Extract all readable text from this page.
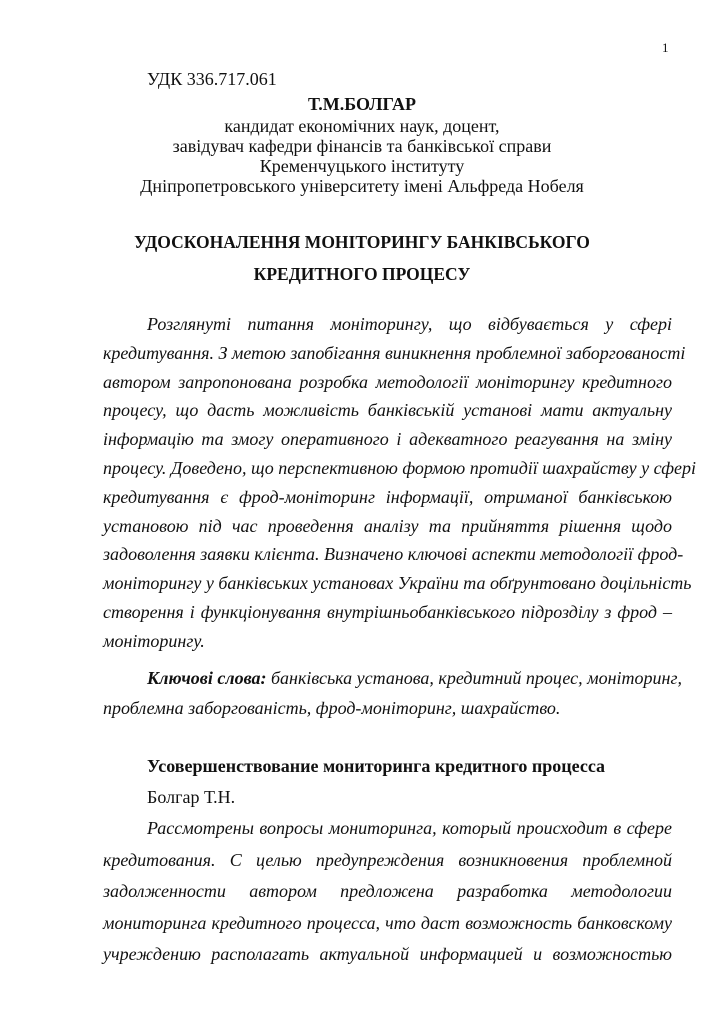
1
УДК 336.717.061
Т.М.БОЛГАР
кандидат економічних наук, доцент,
завідувач кафедри фінансів та банківської справи
Кременчуцького інституту
Дніпропетровського університету імені Альфреда Нобеля
УДОСКОНАЛЕННЯ МОНІТОРИНГУ БАНКІВСЬКОГО
КРЕДИТНОГО ПРОЦЕСУ
Розглянуті питання моніторингу, що відбувається у сфері
кредитування. З метою запобігання виникнення проблемної заборгованості
автором запропонована розробка методології моніторингу кредитного
процесу, що дасть можливість банківській установі мати актуальну
інформацію та змогу оперативного і адекватного реагування на зміну
процесу. Доведено, що перспективною формою протидії шахрайству у сфері
кредитування є фрод-моніторинг інформації, отриманої банківською
установою під час проведення аналізу та прийняття рішення щодо
задоволення заявки клієнта. Визначено ключові аспекти методології фрод-
моніторингу у банківських установах України та обґрунтовано доцільність
створення і функціонування внутрішньобанківського підрозділу з фрод –
моніторингу.
Ключові слова: банківська установа, кредитний процес, моніторинг,
проблемна заборгованість, фрод-моніторинг, шахрайство.
Усовершенствование мониторинга кредитного процесса
Болгар Т.Н.
Рассмотрены вопросы мониторинга, который происходит в сфере
кредитования. С целью предупреждения возникновения проблемной
задолженности автором предложена разработка методологии
мониторинга кредитного процесса, что даст возможность банковскому
учреждению располагать актуальной информацией и возможностью
